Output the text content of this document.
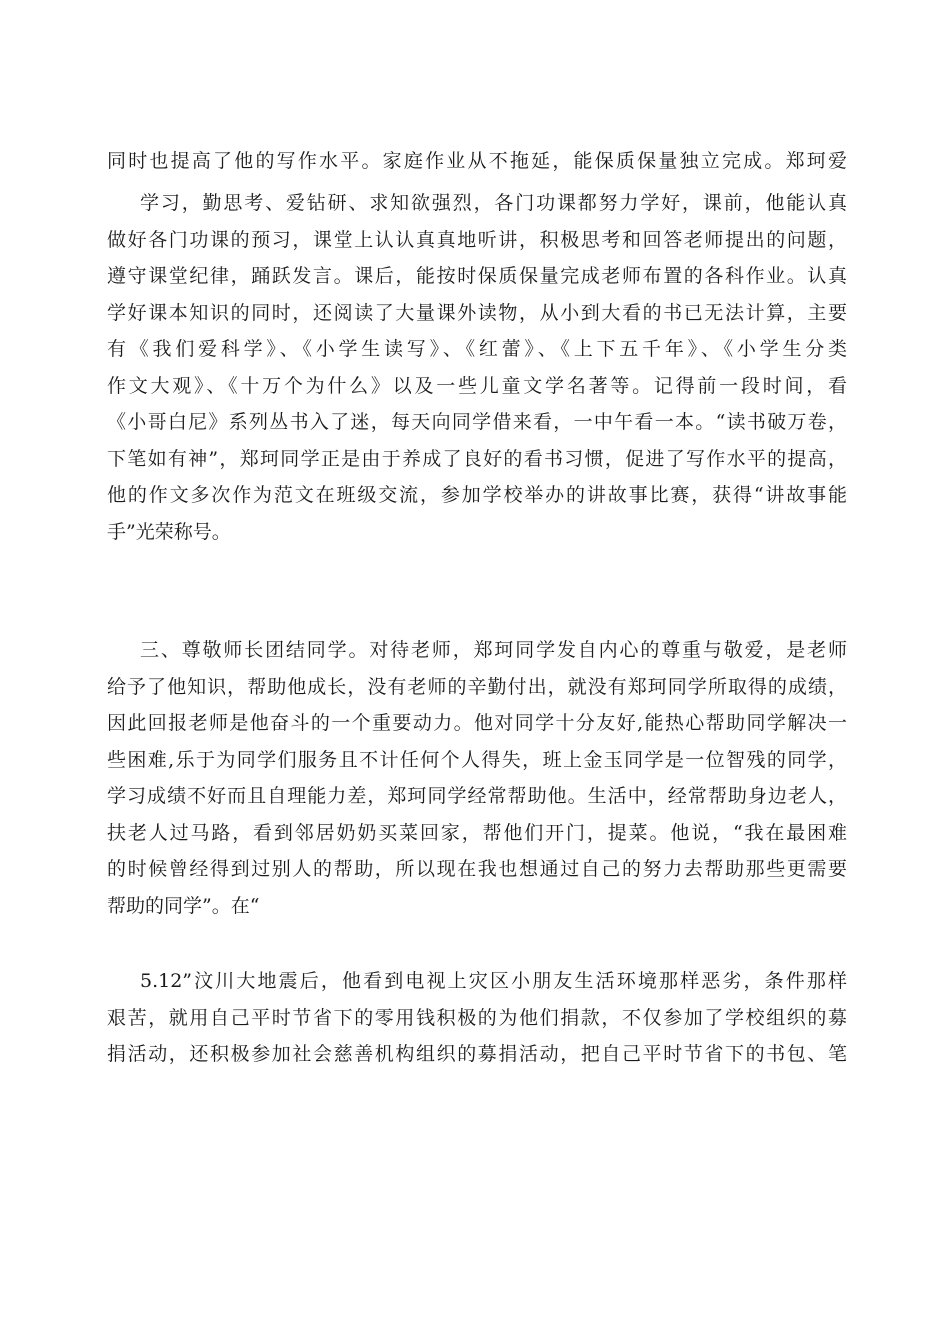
同时也提高了他的写作水平。家庭作业从不拖延，能保质保量独立完成。郑珂爱
学习，勤思考、爱钻研、求知欲强烈，各门功课都努力学好，课前，他能认真
做好各门功课的预习，课堂上认认真真地听讲，积极思考和回答老师提出的问题，
遵守课堂纪律，踊跃发言。课后，能按时保质保量完成老师布置的各科作业。认真
学好课本知识的同时，还阅读了大量课外读物，从小到大看的书已无法计算，主要
有《我们爱科学》、《小学生读写》、《红蕾》、《上下五千年》、《小学生分类
作文大观》、《十万个为什么》以及一些儿童文学名著等。记得前一段时间，看
《小哥白尼》系列丛书入了迷，每天向同学借来看，一中午看一本。“读书破万卷，
下笔如有神”，郑珂同学正是由于养成了良好的看书习惯，促进了写作水平的提高，
他的作文多次作为范文在班级交流，参加学校举办的讲故事比赛，获得“讲故事能
手”光荣称号。
三、尊敬师长团结同学。对待老师，郑珂同学发自内心的尊重与敬爱，是老师
给予了他知识，帮助他成长，没有老师的辛勤付出，就没有郑珂同学所取得的成绩，
因此回报老师是他奋斗的一个重要动力。他对同学十分友好,能热心帮助同学解决一
些困难,乐于为同学们服务且不计任何个人得失，班上金玉同学是一位智残的同学，
学习成绩不好而且自理能力差，郑珂同学经常帮助他。生活中，经常帮助身边老人，
扶老人过马路，看到邻居奶奶买菜回家，帮他们开门，提菜。他说，“我在最困难
的时候曾经得到过别人的帮助，所以现在我也想通过自己的努力去帮助那些更需要
帮助的同学”。在“
5.12”汶川大地震后，他看到电视上灾区小朋友生活环境那样恶劣，条件那样
艰苦，就用自己平时节省下的零用钱积极的为他们捐款，不仅参加了学校组织的募
捐活动，还积极参加社会慈善机构组织的募捐活动，把自己平时节省下的书包、笔
